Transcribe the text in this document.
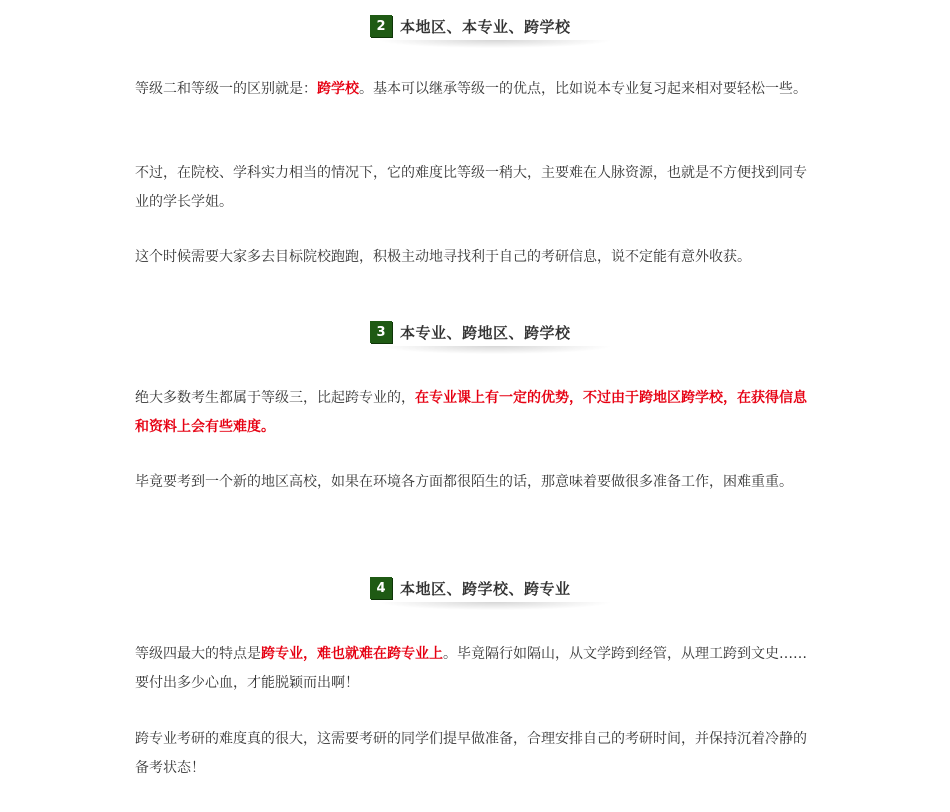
2 本地区、本专业、跨学校

等级二和等级一的区别就是：跨学校。基本可以继承等级一的优点，比如说本专业复习起来相对要轻松一些。

不过，在院校、学科实力相当的情况下，它的难度比等级一稍大，主要难在人脉资源，也就是不方便找到同专业的学长学姐。

这个时候需要大家多去目标院校跑跑，积极主动地寻找利于自己的考研信息，说不定能有意外收获。

3 本专业、跨地区、跨学校

绝大多数考生都属于等级三，比起跨专业的，在专业课上有一定的优势，不过由于跨地区跨学校，在获得信息和资料上会有些难度。

毕竟要考到一个新的地区高校，如果在环境各方面都很陌生的话，那意味着要做很多准备工作，困难重重。

4 本地区、跨学校、跨专业

等级四最大的特点是跨专业，难也就难在跨专业上。毕竟隔行如隔山，从文学跨到经管，从理工跨到文史……要付出多少心血，才能脱颖而出啊！

跨专业考研的难度真的很大，这需要考研的同学们提早做准备，合理安排自己的考研时间，并保持沉着冷静的备考状态！
